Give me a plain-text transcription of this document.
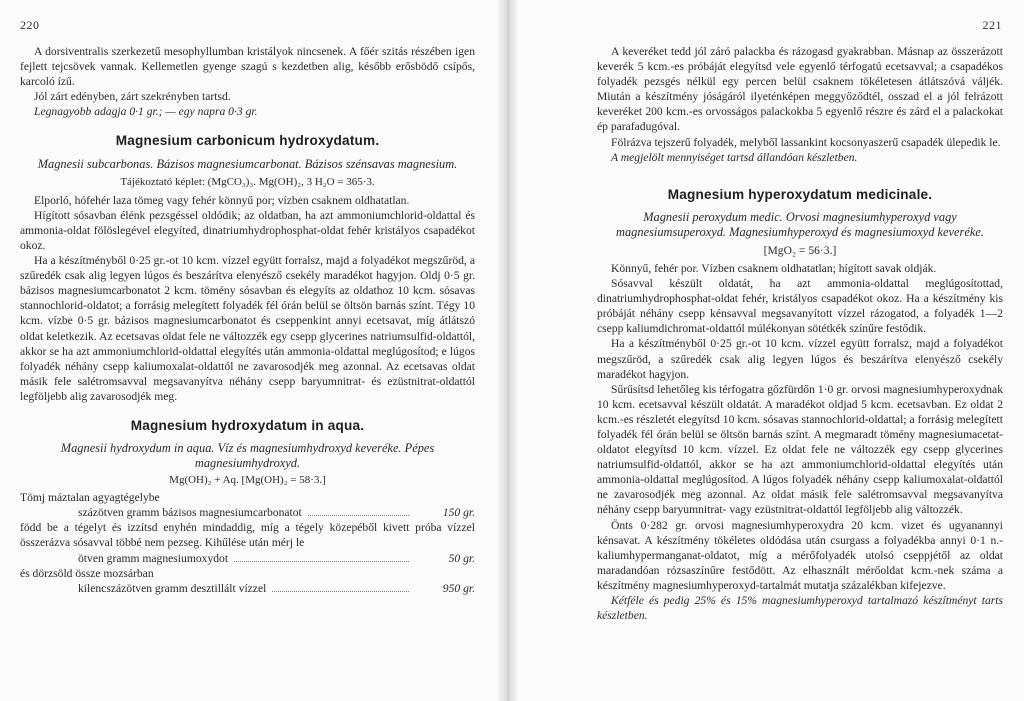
220

A dorsiventralis szerkezetű mesophyllumban kristályok nincsenek. A főér szitás részében igen fejlett tejcsövek vannak. Kellemetlen gyenge szagú s kezdetben alig, később erősbödő csípős, karcoló ízű.

Jól zárt edényben, zárt szekrényben tartsd.

Legnagyobb adagja 0·1 gr.; — egy napra 0·3 gr.

Magnesium carbonicum hydroxydatum.

Magnesii subcarbonas. Bázisos magnesiumcarbonat. Bázisos szénsavas magnesium.

Tájékoztató képlet: (MgCO₃)₃. Mg(OH)₂, 3 H₂O = 365·3.

Elporló, hófehér laza tömeg vagy fehér könnyű por; vízben csaknem oldhatatlan.

Hígított sósavban élénk pezsgéssel oldódik; az oldatban, ha azt ammoniumchlorid-oldattal és ammonia-oldat fölöslegével elegyíted, dinatriumhydrophosphat-oldat fehér kristályos csapadékot okoz.

Ha a készítményből 0·25 gr.-ot 10 kcm. vízzel együtt forralsz, majd a folyadékot megszűröd, a szűredék csak alig legyen lúgos és beszárítva elenyésző csekély maradékot hagyjon. Oldj 0·5 gr. bázisos magnesiumcarbonatot 2 kcm. tömény sósavban és elegyíts az oldathoz 10 kcm. sósavas stannochlorid-oldatot; a forrásig melegített folyadék fél órán belül se öltsön barnás színt. Tégy 10 kcm. vízbe 0·5 gr. bázisos magnesiumcarbonatot és cseppenkint annyi ecetsavat, míg átlátszó oldat keletkezik. Az ecetsavas oldat fele ne változzék egy csepp glycerines natriumsulfid-oldattól, akkor se ha azt ammoniumchlorid-oldattal elegyítés után ammonia-oldattal meglúgosítod; e lúgos folyadék néhány csepp kaliumoxalat-oldattól ne zavarosodjék meg azonnal. Az ecetsavas oldat másik fele salétromsavval megsavanyítva néhány csepp baryumnitrat- és ezüstnitrat-oldattól legföljebb alig zavarosodjék meg.

Magnesium hydroxydatum in aqua.

Magnesii hydroxydum in aqua. Víz és magnesiumhydroxyd keveréke. Pépes magnesiumhydroxyd.

Mg(OH)₂ + Aq. [Mg(OH)₂ = 58·3.]

Tömj máztalan agyagtégelybe

százötven gramm bázisos magnesiumcarbonatot	150 gr.

född be a tégelyt és izzítsd enyhén mindaddig, míg a tégely közepéből kivett próba vízzel összerázva sósavval többé nem pezseg. Kihűlése után mérj le

ötven gramm magnesiumoxydot	50 gr.

és dörzsöld össze mozsárban

kilencszázötven gramm desztillált vízzel	950 gr.
221

A keveréket tedd jól záró palackba és rázogasd gyakrabban. Másnap az összerázott keverék 5 kcm.-es próbáját elegyítsd vele egyenlő térfogatú ecetsavval; a csapadékos folyadék pezsgés nélkül egy percen belül csaknem tökéletesen átlátszóvá váljék. Miután a készítmény jóságáról ilyeténképen meggyőződtél, osszad el a jól felrázott keveréket 200 kcm.-es orvosságos palackokba 5 egyenlő részre és zárd el a palackokat ép parafadugóval.

Fölrázva tejszerű folyadék, melyből lassankint kocsonyaszerű csapadék ülepedik le.

A megjelölt mennyiséget tartsd állandóan készletben.

Magnesium hyperoxydatum medicinale.

Magnesii peroxydum medic. Orvosi magnesiumhyperoxyd vagy magnesiumsuperoxyd. Magnesiumhyperoxyd és magnesiumoxyd keveréke.

[MgO₂ = 56·3.]

Könnyű, fehér por. Vízben csaknem oldhatatlan; hígított savak oldják.

Sósavval készült oldatát, ha azt ammonia-oldattal meglúgosítottad, dinatriumhydrophosphat-oldat fehér, kristályos csapadékot okoz. Ha a készítmény kis próbáját néhány csepp kénsavval megsavanyított vízzel rázogatod, a folyadék 1—2 csepp kaliumdichromat-oldattól múlékonyan sötétkék színűre festődik.

Ha a készítményből 0·25 gr.-ot 10 kcm. vízzel együtt forralsz, majd a folyadékot megszűröd, a szűredék csak alig legyen lúgos és beszárítva elenyésző csekély maradékot hagyjon.

Sűrűsítsd lehetőleg kis térfogatra gőzfürdőn 1·0 gr. orvosi magnesiumhyperoxydnak 10 kcm. ecetsavval készült oldatát. A maradékot oldjad 5 kcm. ecetsavban. Ez oldat 2 kcm.-es részletét elegyítsd 10 kcm. sósavas stannochlorid-oldattal; a forrásig melegített folyadék fél órán belül se öltsön barnás színt. A megmaradt tömény magnesiumacetat-oldatot elegyítsd 10 kcm. vízzel. Ez oldat fele ne változzék egy csepp glycerines natriumsulfid-oldattól, akkor se ha azt ammoniumchlorid-oldattal elegyítés után ammonia-oldattal meglúgosítod. A lúgos folyadék néhány csepp kaliumoxalat-oldattól ne zavarosodjék meg azonnal. Az oldat másik fele salétromsavval megsavanyítva néhány csepp baryumnitrat- vagy ezüstnitrat-oldattól legföljebb alig változzék.

Önts 0·282 gr. orvosi magnesiumhyperoxydra 20 kcm. vizet és ugyanannyi kénsavat. A készítmény tökéletes oldódása után csurgass a folyadékba annyi 0·1 n.-kaliumhypermanganat-oldatot, míg a mérőfolyadék utolsó cseppjétől az oldat maradandóan rózsaszínűre festődött. Az elhasznált mérőoldat kcm.-nek száma a készítmény magnesiumhyperoxyd-tartalmát mutatja százalékban kifejezve.

Kétféle és pedig 25% és 15% magnesiumhyperoxyd tartalmazó készítményt tarts készletben.
